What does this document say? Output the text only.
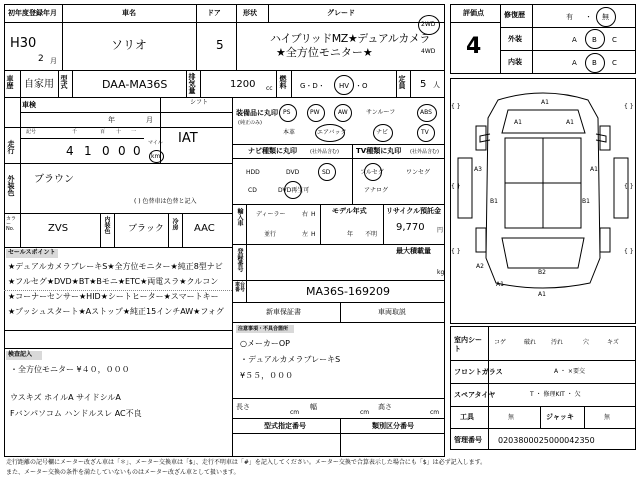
初年度登録年月	車名	ドア	形状	グレード
H30
2 月
ソリオ	5	ハイブリッドMZ★デュアルカメラ
★全方位モニター★
2WD
4WD
車歴 自家用 型式	DAA-MA36S	排気量	1200 cc 燃料 G・D・ HV ・O	定員 5 人
車検
年	月
シフト
IAT
記号	千	百 十 一
走行	4 1 0 0 0
マイル
km
外装色 ブラウン
( ) 色替車は色替と記入
カラーNo.	ZVS	内装色 ブラック 冷房 AAC
セールスポイント
★デュアルカメラブレーキS★全方位モニター★純正8型ナビ
★フルセグ★DVD★BT★Bモニ★ETC★両電スラ★クルコン
★コーナーセンサー★HID★シートヒーター★スマートキー
★プッシュスタート★Aストップ★純正15インチAW★フォグ
検査記入
・全方位モニター ¥４０，０００
ウスキズ ホイルA サイドシルA
Fバンパソコム ハンドルスレ AC不良
装備品に丸印
(純正のみ)
PS	PW	AW	サンルーフ	ABS
本革	エアバック	ナビ	TV
ナビ種類に丸印	(社外品含む) TV種類に丸印 (社外品含む)
HDD	DVD	SD
CD	DVD再生可
フルセグ	ワンセグ
アナログ
輸入車 ディーラー
並行
右
左
H
H
モデル年式
年 不明
リサイクル預託金
9,770 円
登録番号	最大積載量
kg
車台番号	MA36S-169209
新車保証書	車両取説
注意事項・不具合箇所
○メーカーOP
・デュアルカメラブレーキS
¥５５，０００
長さ
cm
幅
cm
高さ
cm
型式指定番号	類別区分番号
評価点
4
修復歴	有 ・ 無
外装	A B C
内装	A B C
A1
A1	A1
A3
B1	B1
A1
A2
A1
B2
A1
{ }	{ }
{ }	{ }
{ }	{ }
室内シート
コゲ	破れ 汚れ	穴	キズ
フロントガラス	A ・ ×要交
スペアタイヤ	T ・ 修理KIT ・ 欠
工具	無	ジャッキ	無
管理番号 0203800025000042350
走行距離の記号欄にメーター改ざん車は「＊」、メーター交換車は「$」、走行不明車は「#」を記入してください。メーター交換で合算表示した場合にも「$」は必ず記入します。
また、メーター交換の条件を満たしていないものはメーター改ざん車として扱います。
